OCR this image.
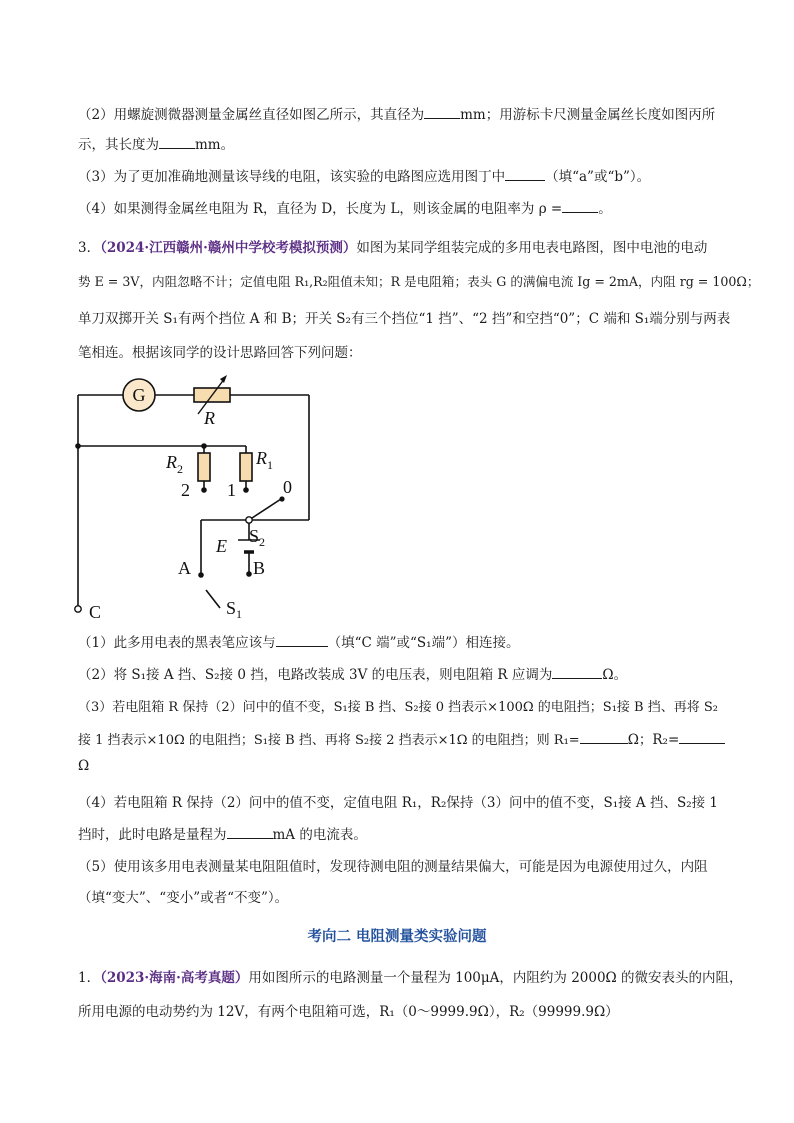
（2）用螺旋测微器测量金属丝直径如图乙所示，其直径为	mm；用游标卡尺测量金属丝长度如图丙所
示，其长度为	mm。
（3）为了更加准确地测量该导线的电阻，该实验的电路图应选用图丁中	（填“a”或“b”）。
（4）如果测得金属丝电阻为 R，直径为 D，长度为 L，则该金属的电阻率为 ρ =	。
3．（2024·江西赣州·赣州中学校考模拟预测）如图为某同学组装完成的多用电表电路图，图中电池的电动
势 E = 3V，内阻忽略不计；定值电阻 R₁,R₂阻值未知；R 是电阻箱；表头 G 的满偏电流 Ig = 2mA，内阻 rg = 100Ω；
单刀双掷开关 S₁有两个挡位 A 和 B；开关 S₂有三个挡位“1 挡”、“2 挡”和空挡“0”；C 端和 S₁端分别与两表
笔相连。根据该同学的设计思路回答下列问题：
G
R
$R_2$
2
$R_1$
1	0
$S_2$
E
B
A
$S_1$
C
（1）此多用电表的黑表笔应该与	（填“C 端”或“S₁端”）相连接。
（2）将 S₁接 A 挡、S₂接 0 挡，电路改装成 3V 的电压表，则电阻箱 R 应调为	Ω。
（3）若电阻箱 R 保持（2）问中的值不变，S₁接 B 挡、S₂接 0 挡表示×100Ω 的电阻挡；S₁接 B 挡、再将 S₂
接 1 挡表示×10Ω 的电阻挡；S₁接 B 挡、再将 S₂接 2 挡表示×1Ω 的电阻挡；则 R₁=	Ω；R₂=
Ω
（4）若电阻箱 R 保持（2）问中的值不变，定值电阻 R₁，R₂保持（3）问中的值不变，S₁接 A 挡、S₂接 1
挡时，此时电路是量程为	mA 的电流表。
（5）使用该多用电表测量某电阻阻值时，发现待测电阻的测量结果偏大，可能是因为电源使用过久，内阻
（填“变大”、“变小”或者“不变”）。
考向二 电阻测量类实验问题
1．（2023·海南·高考真题）用如图所示的电路测量一个量程为 100μA，内阻约为 2000Ω 的微安表头的内阻，
所用电源的电动势约为 12V，有两个电阻箱可选，R₁（0～9999.9Ω），R₂（99999.9Ω）
